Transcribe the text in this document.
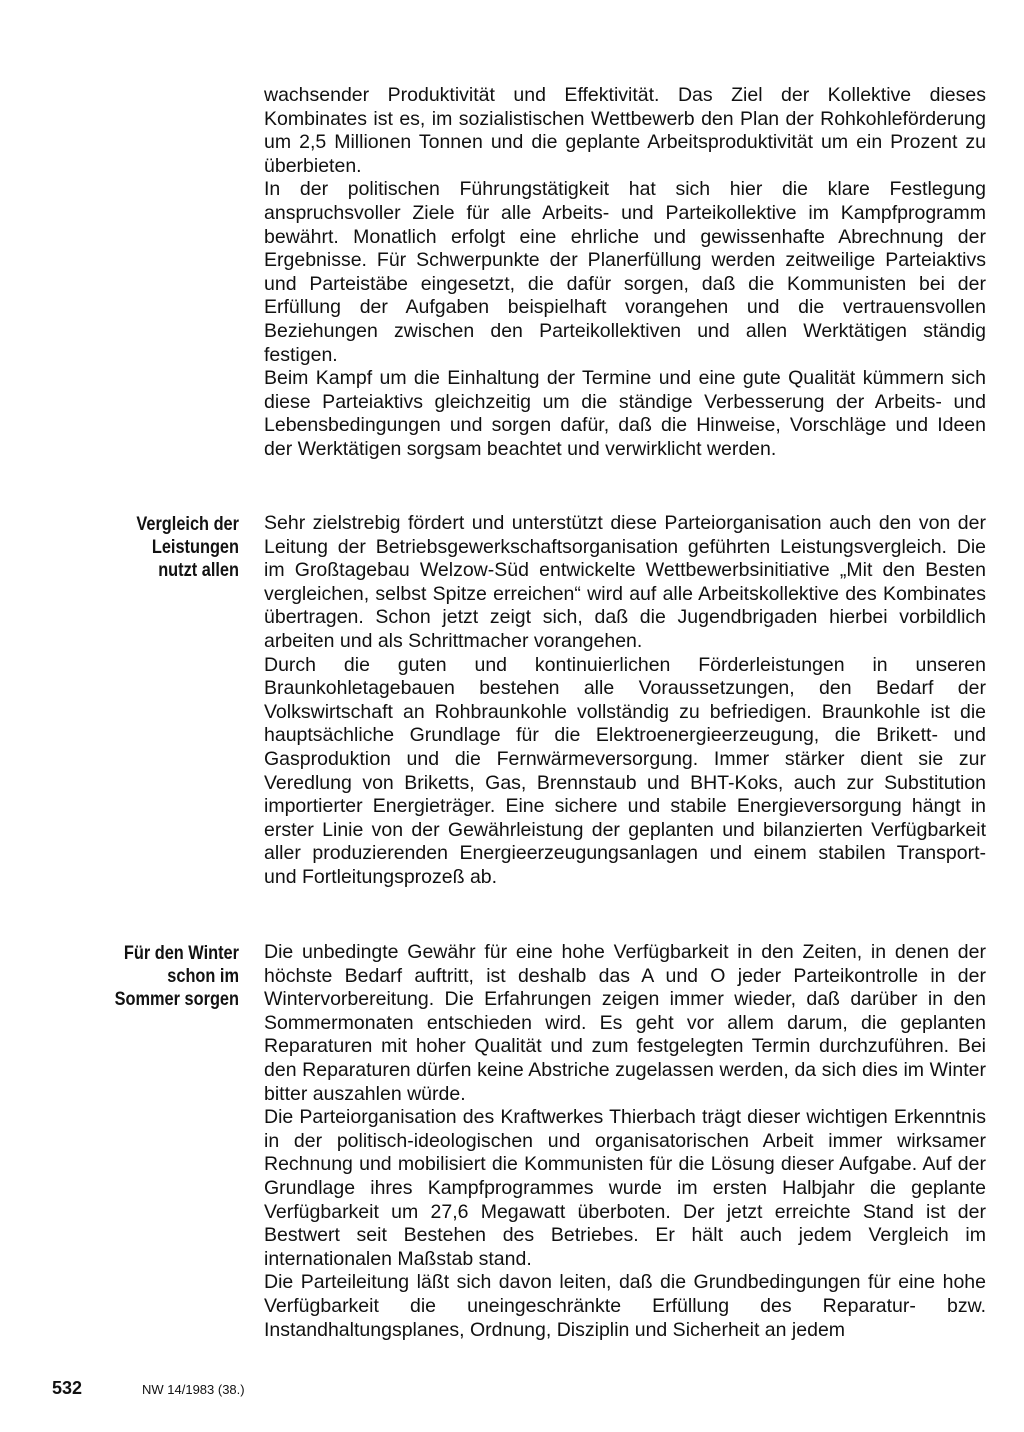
wachsender Produktivität und Effektivität. Das Ziel der Kollektive dieses Kombinates ist es, im sozialistischen Wettbewerb den Plan der Rohkohleförderung um 2,5 Millionen Tonnen und die geplante Arbeitsproduktivität um ein Prozent zu überbieten.

In der politischen Führungstätigkeit hat sich hier die klare Festlegung anspruchsvoller Ziele für alle Arbeits- und Parteikollektive im Kampfprogramm bewährt. Monatlich erfolgt eine ehrliche und gewissenhafte Abrechnung der Ergebnisse. Für Schwerpunkte der Planerfüllung werden zeitweilige Parteiaktivs und Parteistäbe eingesetzt, die dafür sorgen, daß die Kommunisten bei der Erfüllung der Aufgaben beispielhaft vorangehen und die vertrauensvollen Beziehungen zwischen den Parteikollektiven und allen Werktätigen ständig festigen.

Beim Kampf um die Einhaltung der Termine und eine gute Qualität kümmern sich diese Parteiaktivs gleichzeitig um die ständige Verbesserung der Arbeits- und Lebensbedingungen und sorgen dafür, daß die Hinweise, Vorschläge und Ideen der Werktätigen sorgsam beachtet und verwirklicht werden.

Vergleich der
Leistungen
nutzt allen

Sehr zielstrebig fördert und unterstützt diese Parteiorganisation auch den von der Leitung der Betriebsgewerkschaftsorganisation geführten Leistungsvergleich. Die im Großtagebau Welzow-Süd entwickelte Wettbewerbsinitiative „Mit den Besten vergleichen, selbst Spitze erreichen“ wird auf alle Arbeitskollektive des Kombinates übertragen. Schon jetzt zeigt sich, daß die Jugendbrigaden hierbei vorbildlich arbeiten und als Schrittmacher vorangehen.

Durch die guten und kontinuierlichen Förderleistungen in unseren Braunkohletagebauen bestehen alle Voraussetzungen, den Bedarf der Volkswirtschaft an Rohbraunkohle vollständig zu befriedigen. Braunkohle ist die hauptsächliche Grundlage für die Elektroenergieerzeugung, die Brikett- und Gasproduktion und die Fernwärmeversorgung. Immer stärker dient sie zur Veredlung von Briketts, Gas, Brennstaub und BHT-Koks, auch zur Substitution importierter Energieträger. Eine sichere und stabile Energieversorgung hängt in erster Linie von der Gewährleistung der geplanten und bilanzierten Verfügbarkeit aller produzierenden Energieerzeugungsanlagen und einem stabilen Transport- und Fortleitungsprozeß ab.

Für den Winter
schon im
Sommer sorgen

Die unbedingte Gewähr für eine hohe Verfügbarkeit in den Zeiten, in denen der höchste Bedarf auftritt, ist deshalb das A und O jeder Parteikontrolle in der Wintervorbereitung. Die Erfahrungen zeigen immer wieder, daß darüber in den Sommermonaten entschieden wird. Es geht vor allem darum, die geplanten Reparaturen mit hoher Qualität und zum festgelegten Termin durchzuführen. Bei den Reparaturen dürfen keine Abstriche zugelassen werden, da sich dies im Winter bitter auszahlen würde.

Die Parteiorganisation des Kraftwerkes Thierbach trägt dieser wichtigen Erkenntnis in der politisch-ideologischen und organisatorischen Arbeit immer wirksamer Rechnung und mobilisiert die Kommunisten für die Lösung dieser Aufgabe. Auf der Grundlage ihres Kampfprogrammes wurde im ersten Halbjahr die geplante Verfügbarkeit um 27,6 Megawatt überboten. Der jetzt erreichte Stand ist der Bestwert seit Bestehen des Betriebes. Er hält auch jedem Vergleich im internationalen Maßstab stand.

Die Parteileitung läßt sich davon leiten, daß die Grundbedingungen für eine hohe Verfügbarkeit die uneingeschränkte Erfüllung des Reparatur- bzw. Instandhaltungsplanes, Ordnung, Disziplin und Sicherheit an jedem

532	NW 14/1983 (38.)
